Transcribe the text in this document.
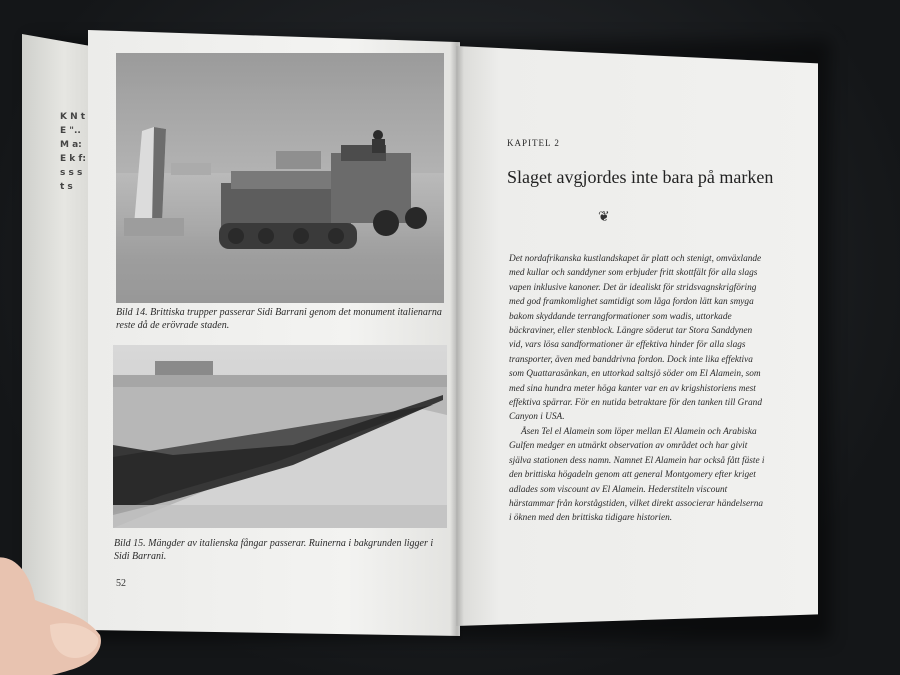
K N tE ".. M a: E k f: s s s t s

Bild 14. Brittiska trupper passerar Sidi Barrani genom det monument italienarna reste då de erövrade staden.

Bild 15. Mängder av italienska fångar passerar. Ruinerna i bakgrunden ligger i Sidi Barrani.

52
KAPITEL 2
Slaget avgjordes inte bara på marken
❦

Det nordafrikanska kustlandskapet är platt och stenigt, omväxlande med kullar och sanddyner som erbjuder fritt skottfält för alla slags vapen inklusive kanoner. Det är idealiskt för stridsvagnskrigföring med god framkomlighet samtidigt som låga fordon lätt kan smyga bakom skyddande terrangformationer som wadis, uttorkade bäckraviner, eller stenblock. Längre söderut tar Stora Sanddynen vid, vars lösa sandformationer är effektiva hinder för alla slags transporter, även med banddrivna fordon. Dock inte lika effektiva som Quattarasänkan, en uttorkad saltsjö söder om El Alamein, som med sina hundra meter höga kanter var en av krigshistoriens mest effektiva spärrar. För en nutida betraktare för den tanken till Grand Canyon i USA.

Åsen Tel el Alamein som löper mellan El Alamein och Arabiska Gulfen medger en utmärkt observation av området och har givit själva stationen dess namn. Namnet El Alamein har också fått fäste i den brittiska högadeln genom att general Montgomery efter kriget adlades som viscount av El Alamein. Hederstiteln viscount härstammar från korstågstiden, vilket direkt associerar händelserna i öknen med den brittiska tidigare historien.
